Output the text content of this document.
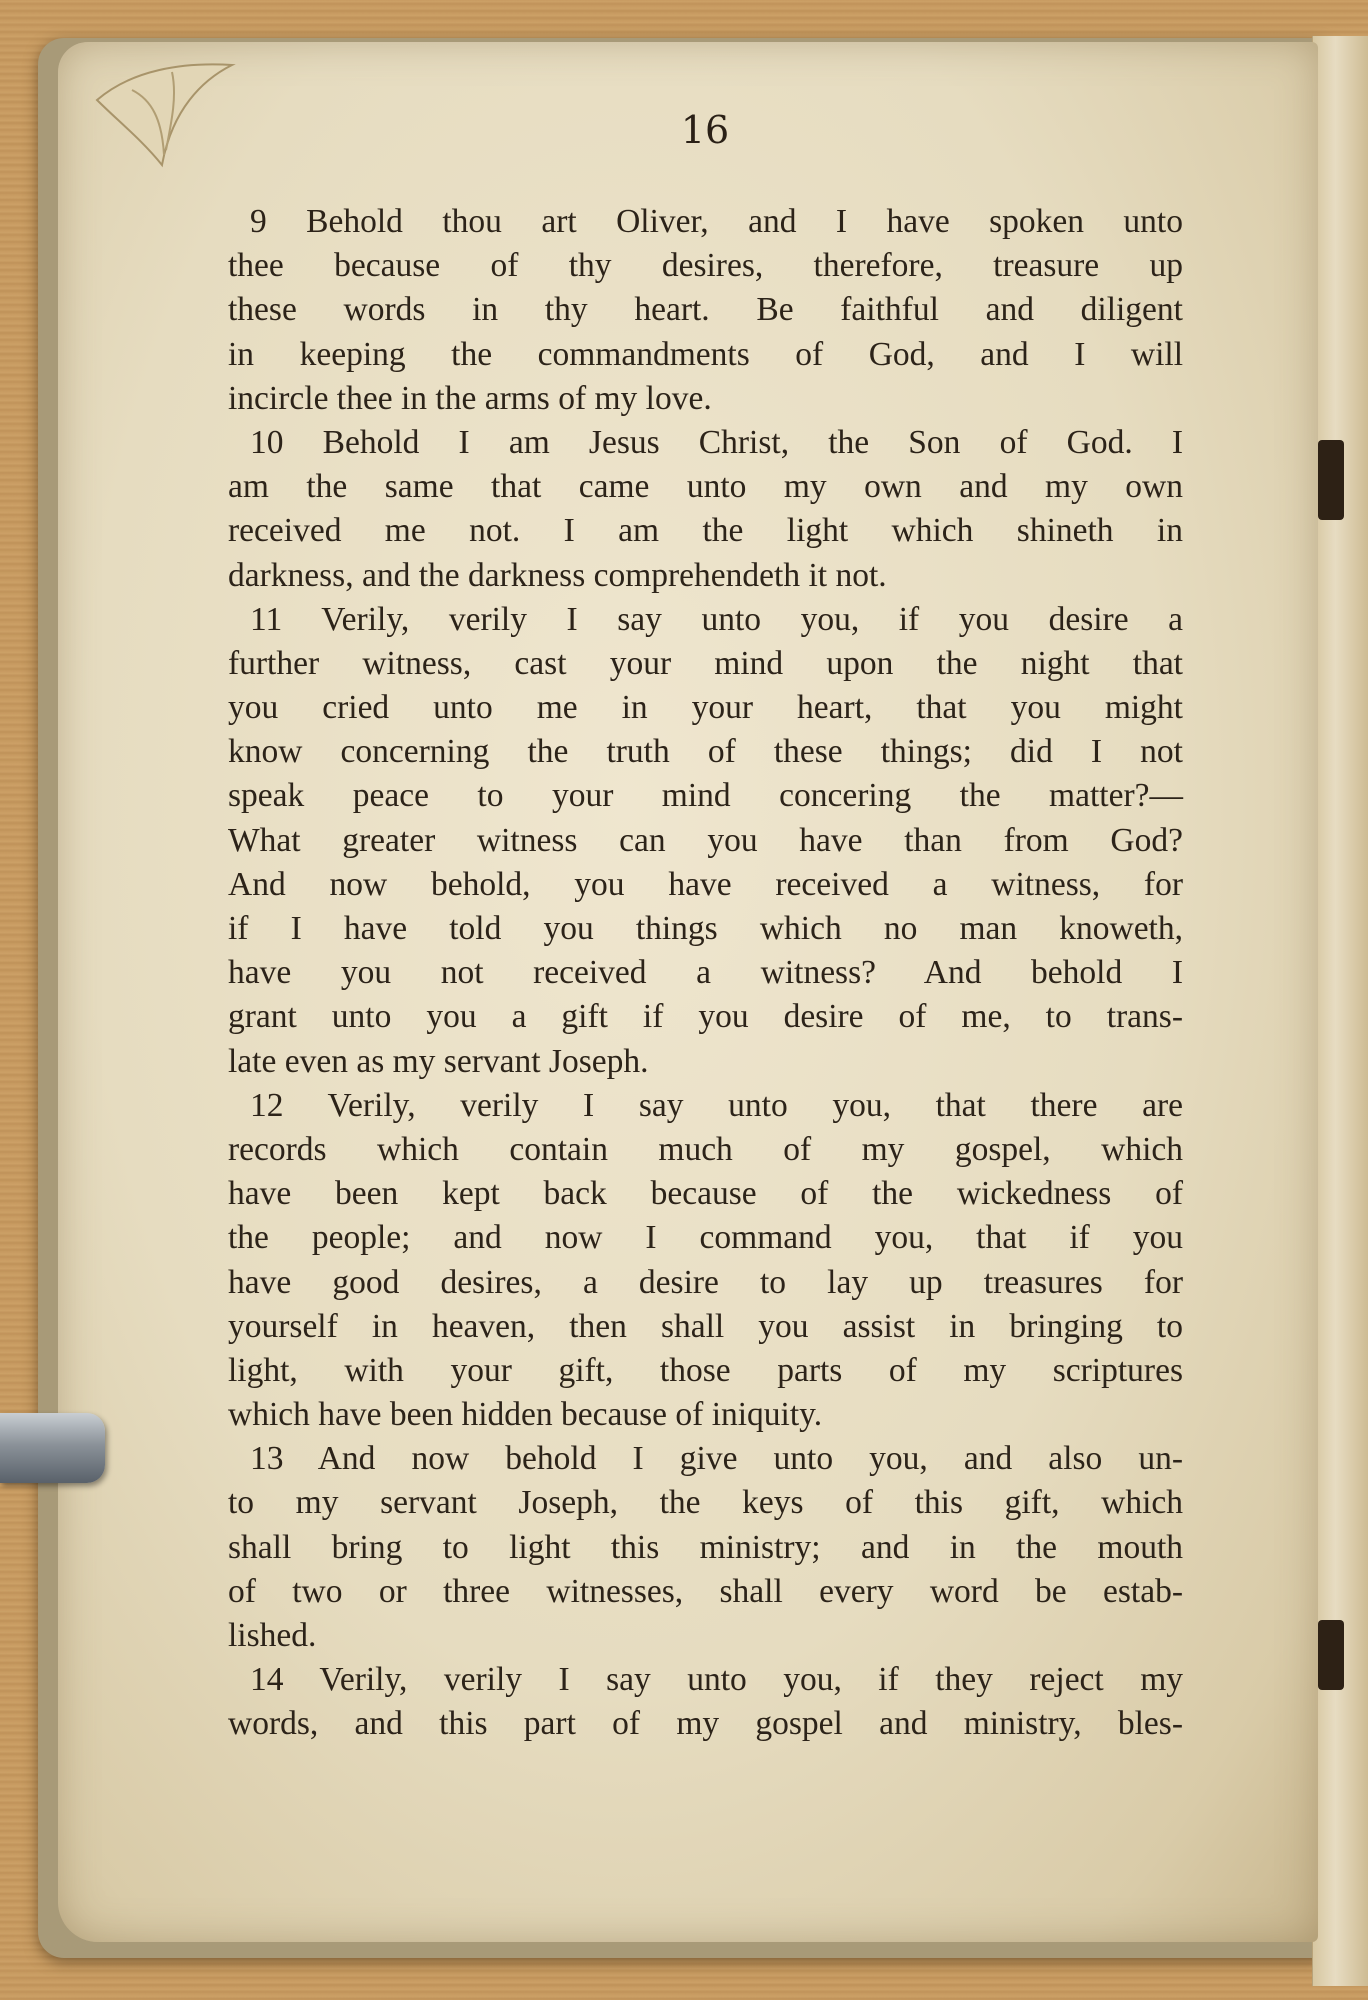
16
9 Behold thou art Oliver, and I have spoken unto
thee because of thy desires, therefore, treasure up
these words in thy heart. Be faithful and diligent
in keeping the commandments of God, and I will
incircle thee in the arms of my love.
10 Behold I am Jesus Christ, the Son of God. I
am the same that came unto my own and my own
received me not. I am the light which shineth in
darkness, and the darkness comprehendeth it not.
11 Verily, verily I say unto you, if you desire a
further witness, cast your mind upon the night that
you cried unto me in your heart, that you might
know concerning the truth of these things; did I not
speak peace to your mind concering the matter?—
What greater witness can you have than from God?
And now behold, you have received a witness, for
if I have told you things which no man knoweth,
have you not received a witness? And behold I
grant unto you a gift if you desire of me, to trans-
late even as my servant Joseph.
12 Verily, verily I say unto you, that there are
records which contain much of my gospel, which
have been kept back because of the wickedness of
the people; and now I command you, that if you
have good desires, a desire to lay up treasures for
yourself in heaven, then shall you assist in bringing to
light, with your gift, those parts of my scriptures
which have been hidden because of iniquity.
13 And now behold I give unto you, and also un-
to my servant Joseph, the keys of this gift, which
shall bring to light this ministry; and in the mouth
of two or three witnesses, shall every word be estab-
lished.
14 Verily, verily I say unto you, if they reject my
words, and this part of my gospel and ministry, bles-
